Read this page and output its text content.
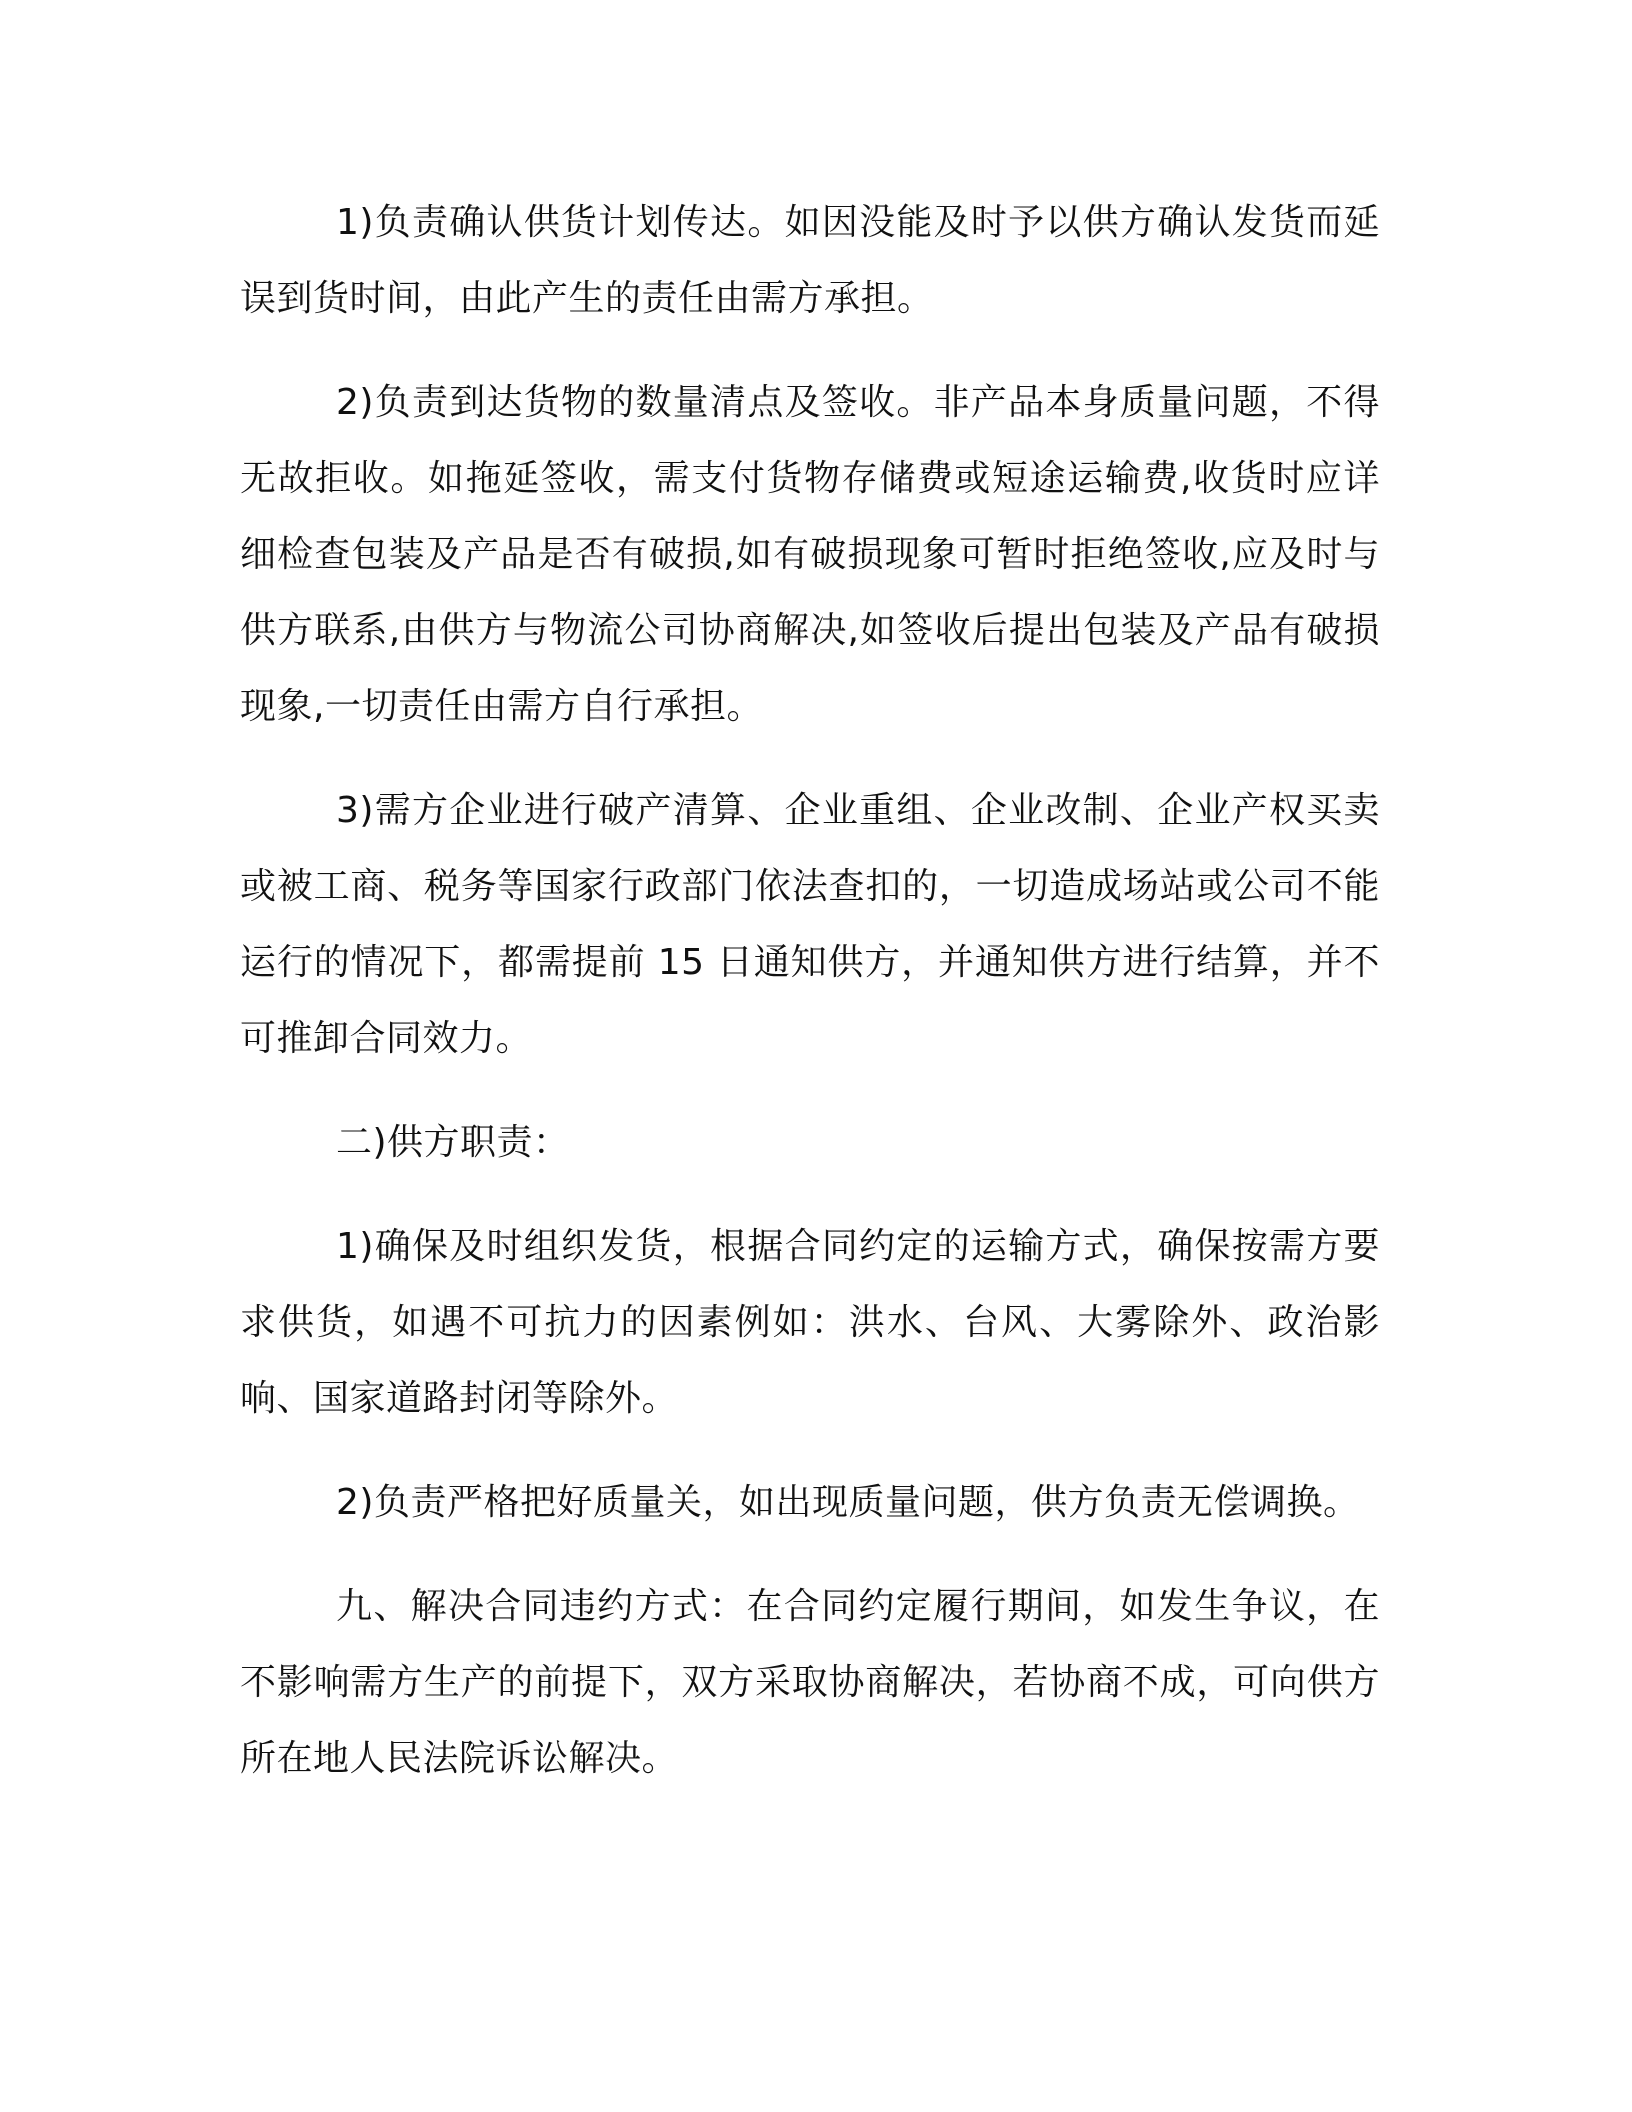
1)负责确认供货计划传达。如因没能及时予以供方确认发货而延误到货时间，由此产生的责任由需方承担。

2)负责到达货物的数量清点及签收。非产品本身质量问题，不得无故拒收。如拖延签收，需支付货物存储费或短途运输费,收货时应详细检查包装及产品是否有破损,如有破损现象可暂时拒绝签收,应及时与供方联系,由供方与物流公司协商解决,如签收后提出包装及产品有破损现象,一切责任由需方自行承担。

3)需方企业进行破产清算、企业重组、企业改制、企业产权买卖或被工商、税务等国家行政部门依法查扣的，一切造成场站或公司不能运行的情况下，都需提前 15 日通知供方，并通知供方进行结算，并不可推卸合同效力。

二)供方职责：

1)确保及时组织发货，根据合同约定的运输方式，确保按需方要求供货，如遇不可抗力的因素例如：洪水、台风、大雾除外、政治影响、国家道路封闭等除外。

2)负责严格把好质量关，如出现质量问题，供方负责无偿调换。

九、解决合同违约方式：在合同约定履行期间，如发生争议，在不影响需方生产的前提下，双方采取协商解决，若协商不成，可向供方所在地人民法院诉讼解决。
